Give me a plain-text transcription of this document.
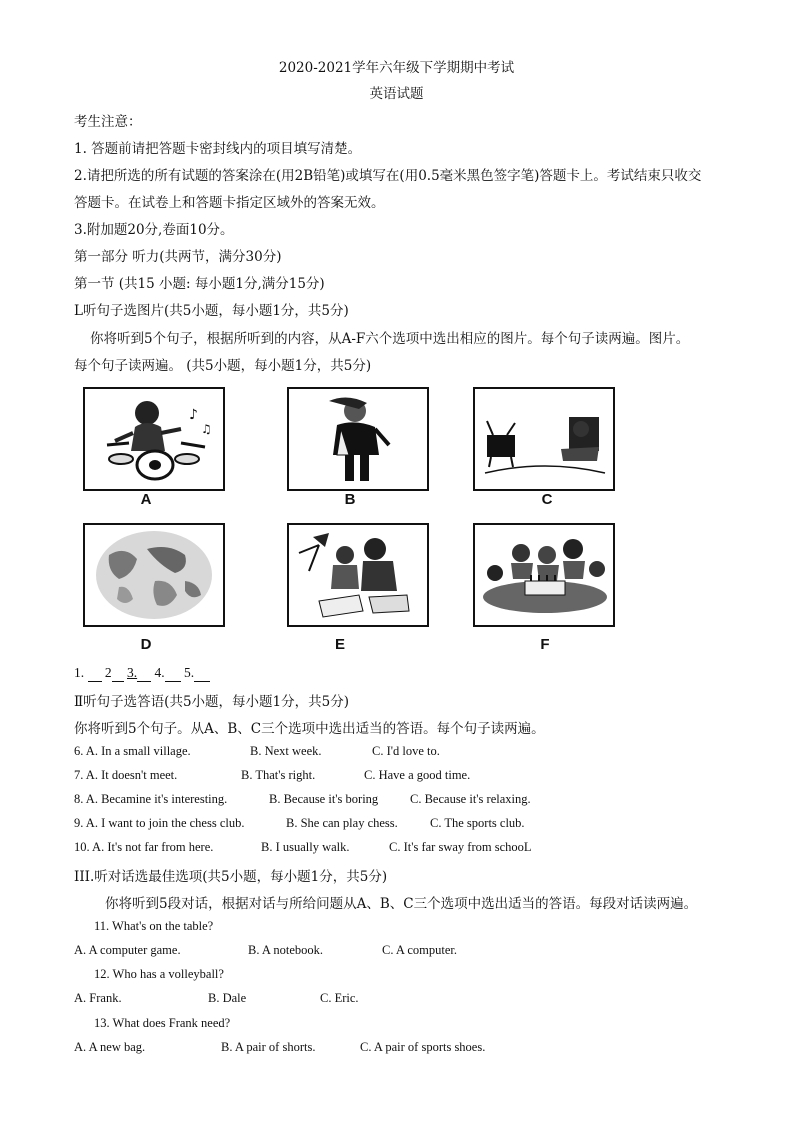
2020-2021学年六年级下学期期中考试
英语试题
考生注意：
1. 答题前请把答题卡密封线内的项目填写清楚。
2.请把所选的所有试题的答案涂在(用2B铅笔)或填写在(用0.5毫米黑色签字笔)答题卡上。考试结束只收交
答题卡。在试卷上和答题卡指定区域外的答案无效。
3.附加题20分,卷面10分。
第一部分 听力(共两节，满分30分)
第一节 (共15 小题: 每小题1分,满分15分)
L听句子选图片(共5小题，每小题1分，共5分)
你将听到5个句子，根据所听到的内容，从A-F六个选项中选出相应的图片。每个句子读两遍。图片。
每个句子读两遍。 (共5小题，每小题1分，共5分)
♪
♫
A	B	C
D	E	F
1. 2 3. 4. 5.
Ⅱ听句子选答语(共5小题，每小题1分，共5分)
你将听到5个句子。从A、B、C三个选项中选出适当的答语。每个句子读两遍。
6. A. In a small village.	B. Next week.	C. I'd love to.
7. A. It doesn't meet.	B. That's right.	C. Have a good time.
8. A. Becamine it's interesting.	B. Because it's boring	C. Because it's relaxing.
9. A. I want to join the chess club.	B. She can play chess.	C. The sports club.
10. A. It's not far from here.	B. I usually walk.	C. It's far sway from schooL
III.听对话选最佳选项(共5小题，每小题1分，共5分)
你将听到5段对话，根据对话与所给问题从A、B、C三个选项中选出适当的答语。每段对话读两遍。
11. What's on the table?
A. A computer game.	B. A notebook.	C. A computer.
12. Who has a volleyball?
A. Frank.	B. Dale	C. Eric.
13. What does Frank need?
A. A new bag.	B. A pair of shorts.	C. A pair of sports shoes.
